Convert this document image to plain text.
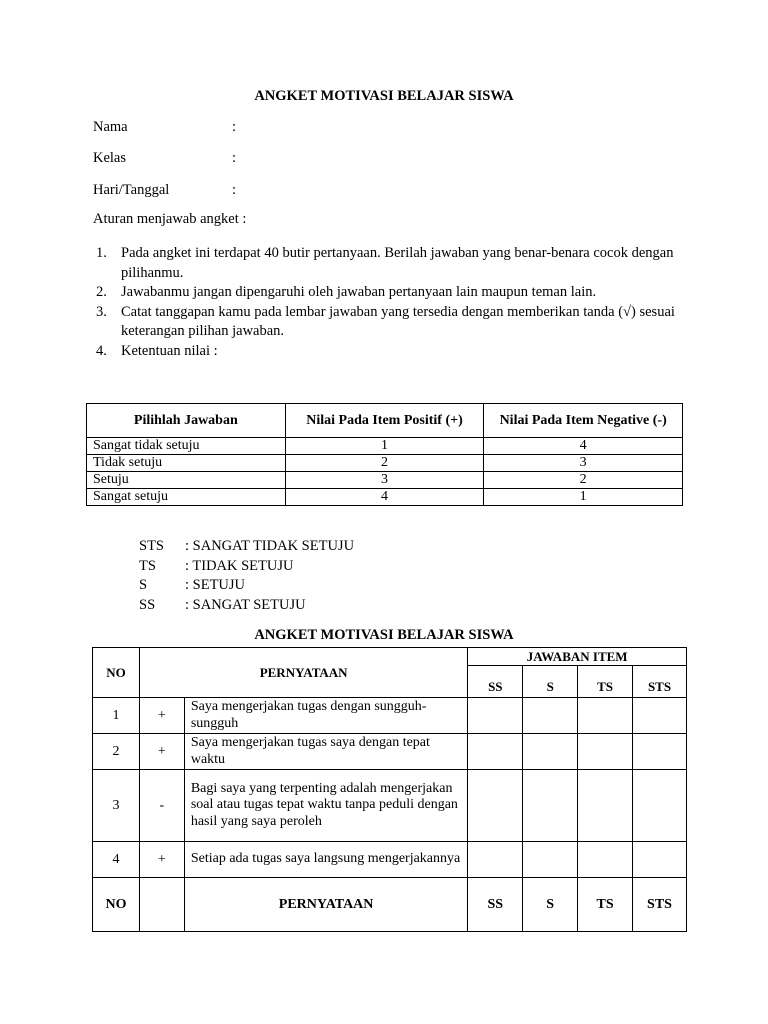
ANGKET MOTIVASI BELAJAR SISWA
Nama	:
Kelas	:
Hari/Tanggal	:
Aturan menjawab angket :
1. Pada angket ini terdapat 40 butir pertanyaan. Berilah jawaban yang benar-benara cocok dengan pilihanmu.
2. Jawabanmu jangan dipengaruhi oleh jawaban pertanyaan lain maupun teman lain.
3. Catat tanggapan kamu pada lembar jawaban yang tersedia dengan memberikan tanda (√) sesuai keterangan pilihan jawaban.
4. Ketentuan nilai :
Pilihlah Jawaban	Nilai Pada Item Positif (+)	Nilai Pada Item Negative (-)
Sangat tidak setuju	1	4
Tidak setuju	2	3
Setuju	3	2
Sangat setuju	4	1
STS : SANGAT TIDAK SETUJU
TS : TIDAK SETUJU
S	: SETUJU
SS : SANGAT SETUJU
ANGKET MOTIVASI BELAJAR SISWA
NO	PERNYATAAN		JAWABAN ITEM			
			SS	S	TS	STS
1	+	Saya mengerjakan tugas dengan sungguh-sungguh				
2	+	Saya mengerjakan tugas saya dengan tepat waktu				
3	-	Bagi saya yang terpenting adalah mengerjakan soal atau tugas tepat waktu tanpa peduli dengan hasil yang saya peroleh				
4	+	Setiap ada tugas saya langsung mengerjakannya				
NO		PERNYATAAN	SS	S	TS	STS
